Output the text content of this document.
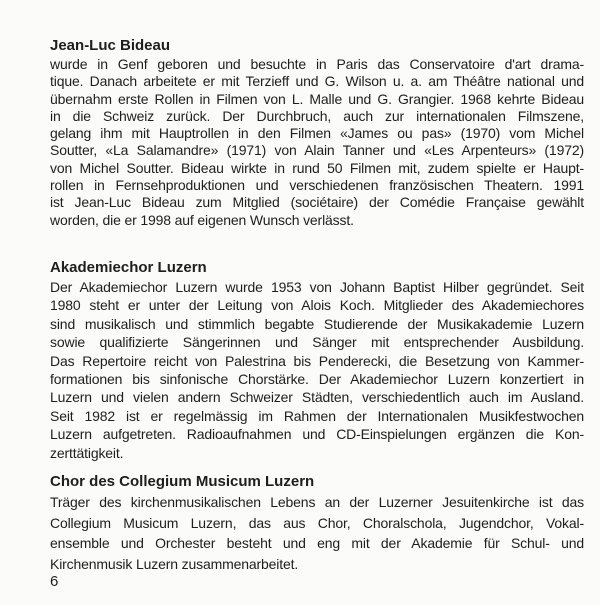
Jean-Luc Bideau
wurde in Genf geboren und besuchte in Paris das Conservatoire d'art drama-
tique. Danach arbeitete er mit Terzieff und G. Wilson u. a. am Théâtre national und
übernahm erste Rollen in Filmen von L. Malle und G. Grangier. 1968 kehrte Bideau
in die Schweiz zurück. Der Durchbruch, auch zur internationalen Filmszene,
gelang ihm mit Hauptrollen in den Filmen «James ou pas» (1970) vom Michel
Soutter, «La Salamandre» (1971) von Alain Tanner und «Les Arpenteurs» (1972)
von Michel Soutter. Bideau wirkte in rund 50 Filmen mit, zudem spielte er Haupt-
rollen in Fernsehproduktionen und verschiedenen französischen Theatern. 1991
ist Jean-Luc Bideau zum Mitglied (sociétaire) der Comédie Française gewählt
worden, die er 1998 auf eigenen Wunsch verlässt.
Akademiechor Luzern
Der Akademiechor Luzern wurde 1953 von Johann Baptist Hilber gegründet. Seit
1980 steht er unter der Leitung von Alois Koch. Mitglieder des Akademiechores
sind musikalisch und stimmlich begabte Studierende der Musikakademie Luzern
sowie qualifizierte Sängerinnen und Sänger mit entsprechender Ausbildung.
Das Repertoire reicht von Palestrina bis Penderecki, die Besetzung von Kammer-
formationen bis sinfonische Chorstärke. Der Akademiechor Luzern konzertiert in
Luzern und vielen andern Schweizer Städten, verschiedentlich auch im Ausland.
Seit 1982 ist er regelmässig im Rahmen der Internationalen Musikfestwochen
Luzern aufgetreten. Radioaufnahmen und CD-Einspielungen ergänzen die Kon-
zerttätigkeit.
Chor des Collegium Musicum Luzern
Träger des kirchenmusikalischen Lebens an der Luzerner Jesuitenkirche ist das
Collegium Musicum Luzern, das aus Chor, Choralschola, Jugendchor, Vokal-
ensemble und Orchester besteht und eng mit der Akademie für Schul- und
Kirchenmusik Luzern zusammenarbeitet.
6
